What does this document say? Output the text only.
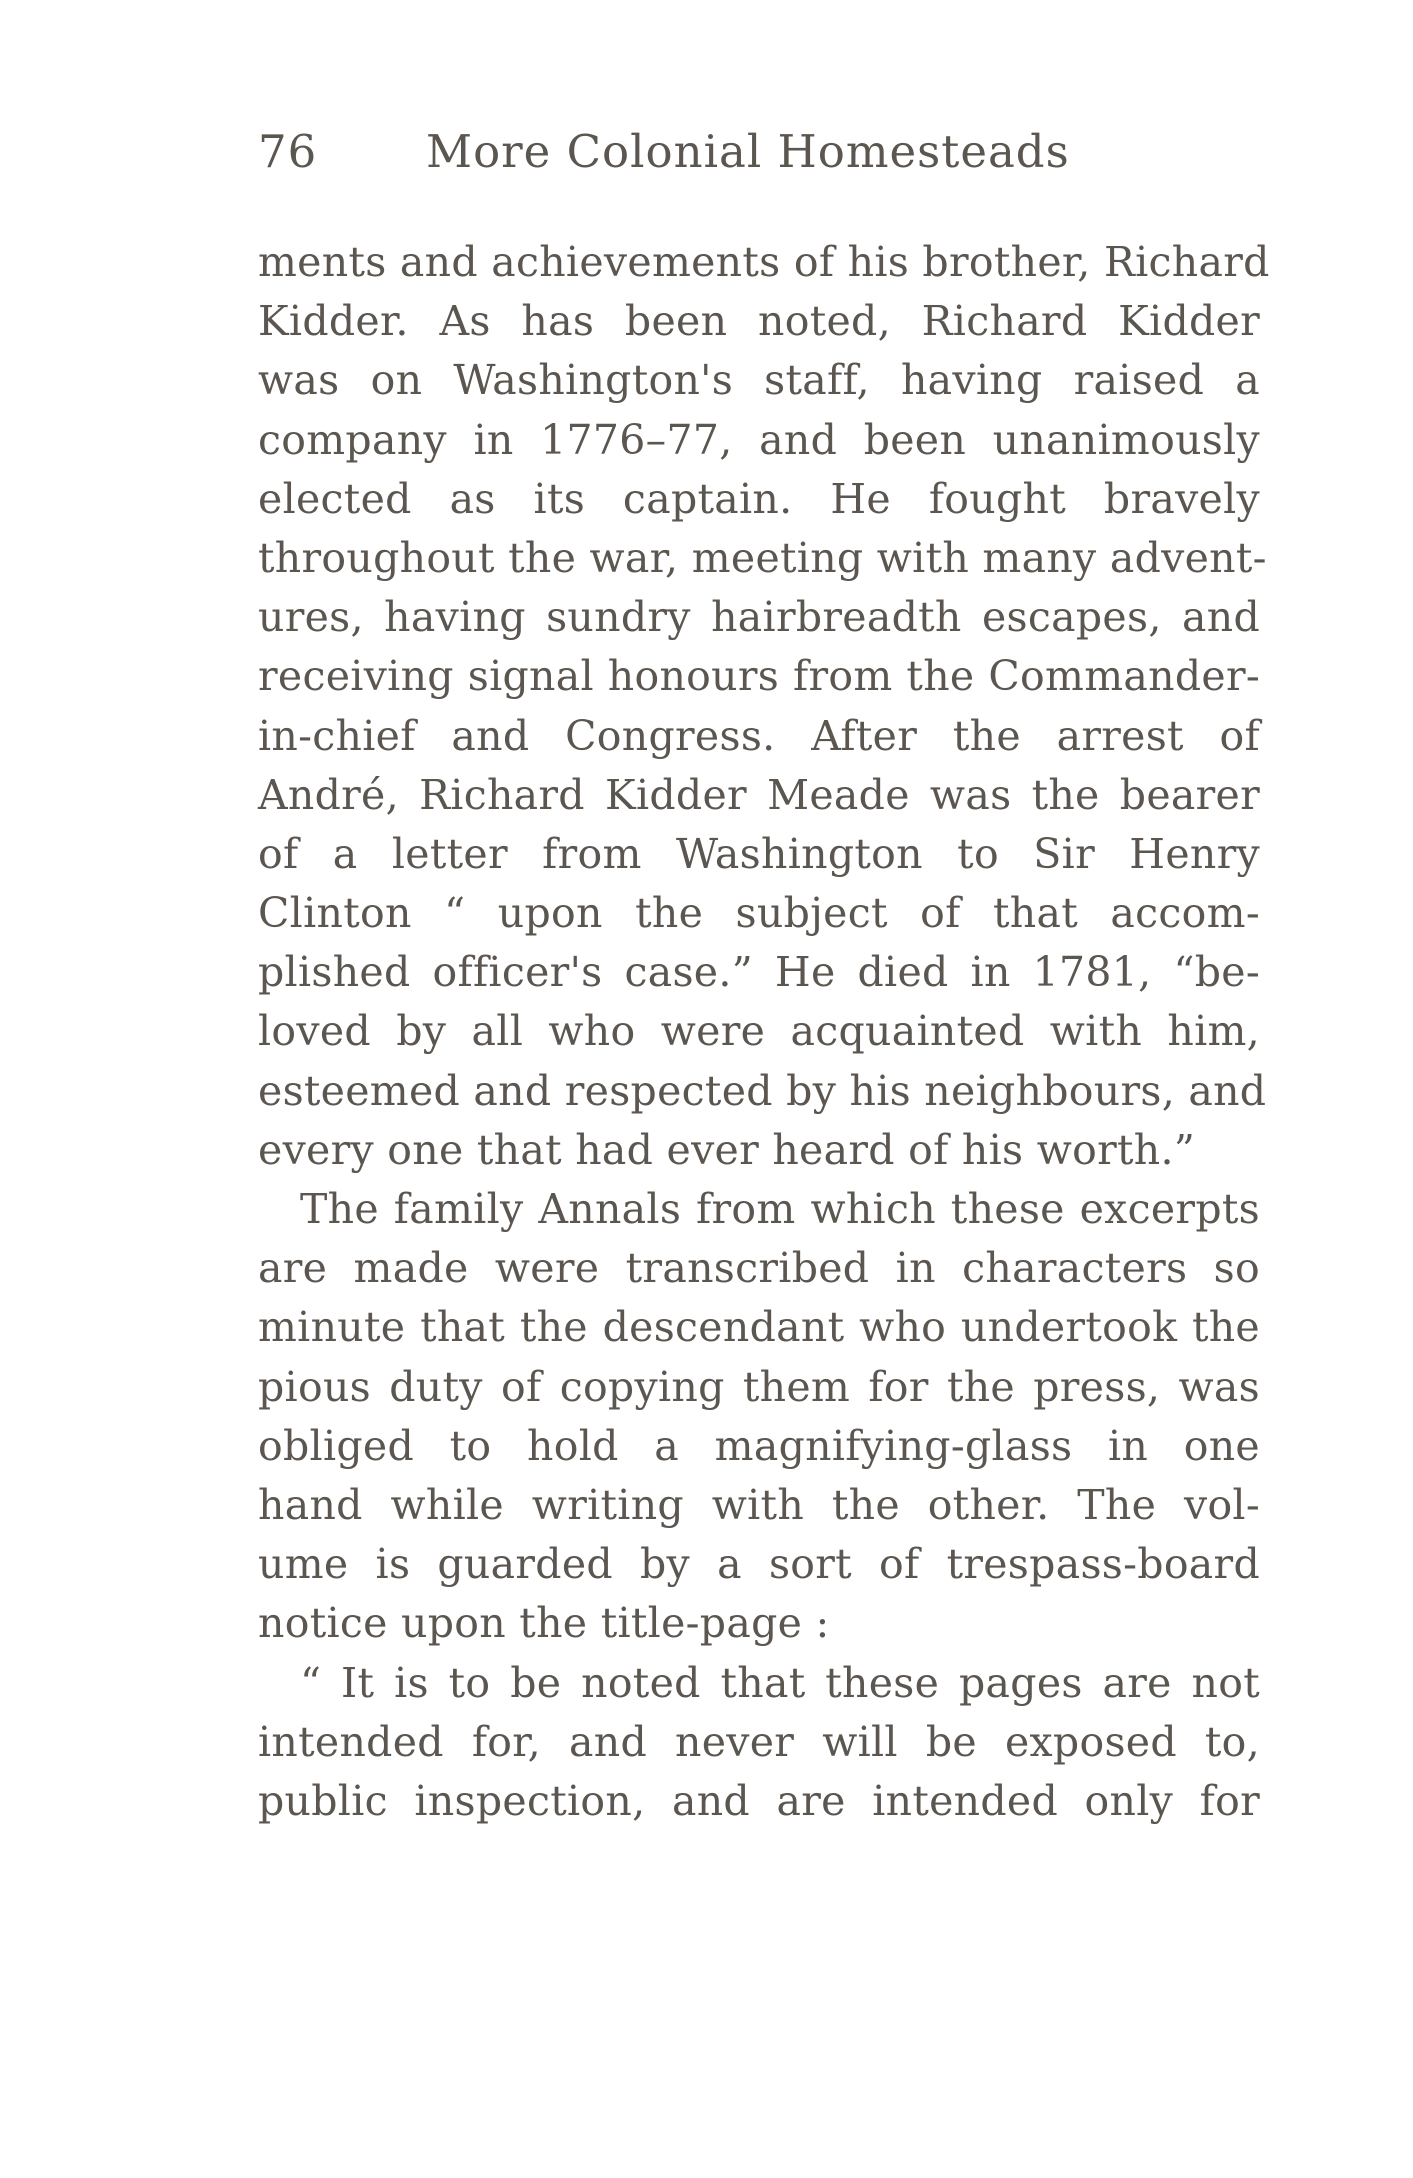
76 More Colonial Homesteads
ments and achievements of his brother, Richard
Kidder. As has been noted, Richard Kidder
was on Washington's staff, having raised a
company in 1776–77, and been unanimously
elected as its captain. He fought bravely
throughout the war, meeting with many advent-
ures, having sundry hairbreadth escapes, and
receiving signal honours from the Commander-
in-chief and Congress. After the arrest of
André, Richard Kidder Meade was the bearer
of a letter from Washington to Sir Henry
Clinton “ upon the subject of that accom-
plished officer's case.” He died in 1781, “be-
loved by all who were acquainted with him,
esteemed and respected by his neighbours, and
every one that had ever heard of his worth.”
The family Annals from which these excerpts
are made were transcribed in characters so
minute that the descendant who undertook the
pious duty of copying them for the press, was
obliged to hold a magnifying-glass in one
hand while writing with the other. The vol-
ume is guarded by a sort of trespass-board
notice upon the title-page :
“ It is to be noted that these pages are not
intended for, and never will be exposed to,
public inspection, and are intended only for
